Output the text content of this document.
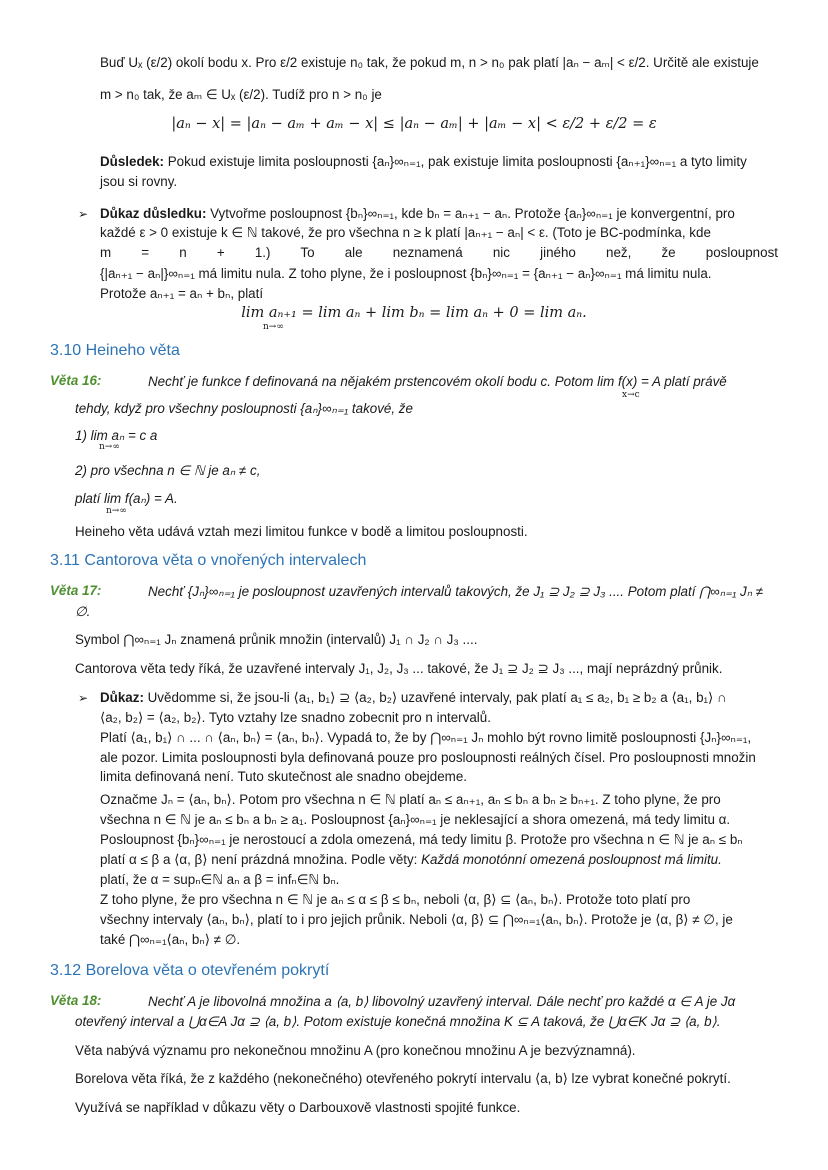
Buď Uₓ (ε/2) okolí bodu x. Pro ε/2 existuje n₀ tak, že pokud m, n > n₀ pak platí |aₙ − aₘ| < ε/2. Určitě ale existuje
m > n₀ tak, že aₘ ∈ Uₓ (ε/2). Tudíž pro n > n₀ je
|aₙ − x| = |aₙ − aₘ + aₘ − x| ≤ |aₙ − aₘ| + |aₘ − x| < ε/2 + ε/2 = ε
Důsledek: Pokud existuje limita posloupnosti {aₙ}∞ₙ₌₁, pak existuje limita posloupnosti {aₙ₊₁}∞ₙ₌₁ a tyto limity
jsou si rovny.
➢ Důkaz důsledku: Vytvořme posloupnost {bₙ}∞ₙ₌₁, kde bₙ = aₙ₊₁ − aₙ. Protože {aₙ}∞ₙ₌₁ je konvergentní, pro
každé ε > 0 existuje k ∈ ℕ takové, že pro všechna n ≥ k platí |aₙ₊₁ − aₙ| < ε. (Toto je BC-podmínka, kde
m = n + 1.) To ale neznamená nic jiného než, že posloupnost
{|aₙ₊₁ − aₙ|}∞ₙ₌₁ má limitu nula. Z toho plyne, že i posloupnost {bₙ}∞ₙ₌₁ = {aₙ₊₁ − aₙ}∞ₙ₌₁ má limitu nula.
Protože aₙ₊₁ = aₙ + bₙ, platí
lim aₙ₊₁ = lim aₙ + lim bₙ = lim aₙ + 0 = lim aₙ.
n→∞
3.10 Heineho věta
Věta 16:	Nechť je funkce f definovaná na nějakém prstencovém okolí bodu c. Potom lim f(x) = A platí právě
x→c
tehdy, když pro všechny posloupnosti {aₙ}∞ₙ₌₁ takové, že
1) lim aₙ = c a
n→∞
2) pro všechna n ∈ ℕ je aₙ ≠ c,
platí lim f(aₙ) = A.
n→∞
Heineho věta udává vztah mezi limitou funkce v bodě a limitou posloupnosti.
3.11 Cantorova věta o vnořených intervalech
Věta 17:	Nechť {Jₙ}∞ₙ₌₁ je posloupnost uzavřených intervalů takových, že J₁ ⊇ J₂ ⊇ J₃ .... Potom platí ⋂∞ₙ₌₁ Jₙ ≠
∅.
Symbol ⋂∞ₙ₌₁ Jₙ znamená průnik množin (intervalů) J₁ ∩ J₂ ∩ J₃ ....
Cantorova věta tedy říká, že uzavřené intervaly J₁, J₂, J₃ ... takové, že J₁ ⊇ J₂ ⊇ J₃ ..., mají neprázdný průnik.
➢ Důkaz: Uvědomme si, že jsou-li ⟨a₁, b₁⟩ ⊇ ⟨a₂, b₂⟩ uzavřené intervaly, pak platí a₁ ≤ a₂, b₁ ≥ b₂ a ⟨a₁, b₁⟩ ∩
⟨a₂, b₂⟩ = ⟨a₂, b₂⟩. Tyto vztahy lze snadno zobecnit pro n intervalů.
Platí ⟨a₁, b₁⟩ ∩ ... ∩ ⟨aₙ, bₙ⟩ = ⟨aₙ, bₙ⟩. Vypadá to, že by ⋂∞ₙ₌₁ Jₙ mohlo být rovno limitě posloupnosti {Jₙ}∞ₙ₌₁,
ale pozor. Limita posloupnosti byla definovaná pouze pro posloupnosti reálných čísel. Pro posloupnosti množin
limita definovaná není. Tuto skutečnost ale snadno obejdeme.
Označme Jₙ = ⟨aₙ, bₙ⟩. Potom pro všechna n ∈ ℕ platí aₙ ≤ aₙ₊₁, aₙ ≤ bₙ a bₙ ≥ bₙ₊₁. Z toho plyne, že pro
všechna n ∈ ℕ je aₙ ≤ bₙ a bₙ ≥ a₁. Posloupnost {aₙ}∞ₙ₌₁ je neklesající a shora omezená, má tedy limitu α.
Posloupnost {bₙ}∞ₙ₌₁ je nerostoucí a zdola omezená, má tedy limitu β. Protože pro všechna n ∈ ℕ je aₙ ≤ bₙ
platí α ≤ β a ⟨α, β⟩ není prázdná množina. Podle věty: Každá monotónní omezená posloupnost má limitu.
platí, že α = supₙ∈ℕ aₙ a β = infₙ∈ℕ bₙ.
Z toho plyne, že pro všechna n ∈ ℕ je aₙ ≤ α ≤ β ≤ bₙ, neboli ⟨α, β⟩ ⊆ ⟨aₙ, bₙ⟩. Protože toto platí pro
všechny intervaly ⟨aₙ, bₙ⟩, platí to i pro jejich průnik. Neboli ⟨α, β⟩ ⊆ ⋂∞ₙ₌₁⟨aₙ, bₙ⟩. Protože je ⟨α, β⟩ ≠ ∅, je
také ⋂∞ₙ₌₁⟨aₙ, bₙ⟩ ≠ ∅.
3.12 Borelova věta o otevřeném pokrytí
Věta 18:	Nechť A je libovolná množina a ⟨a, b⟩ libovolný uzavřený interval. Dále nechť pro každé α ∈ A je Jα
otevřený interval a ⋃α∈A Jα ⊇ ⟨a, b⟩. Potom existuje konečná množina K ⊆ A taková, že ⋃α∈K Jα ⊇ ⟨a, b⟩.
Věta nabývá významu pro nekonečnou množinu A (pro konečnou množinu A je bezvýznamná).
Borelova věta říká, že z každého (nekonečného) otevřeného pokrytí intervalu ⟨a, b⟩ lze vybrat konečné pokrytí.
Využívá se například v důkazu věty o Darbouxově vlastnosti spojité funkce.
